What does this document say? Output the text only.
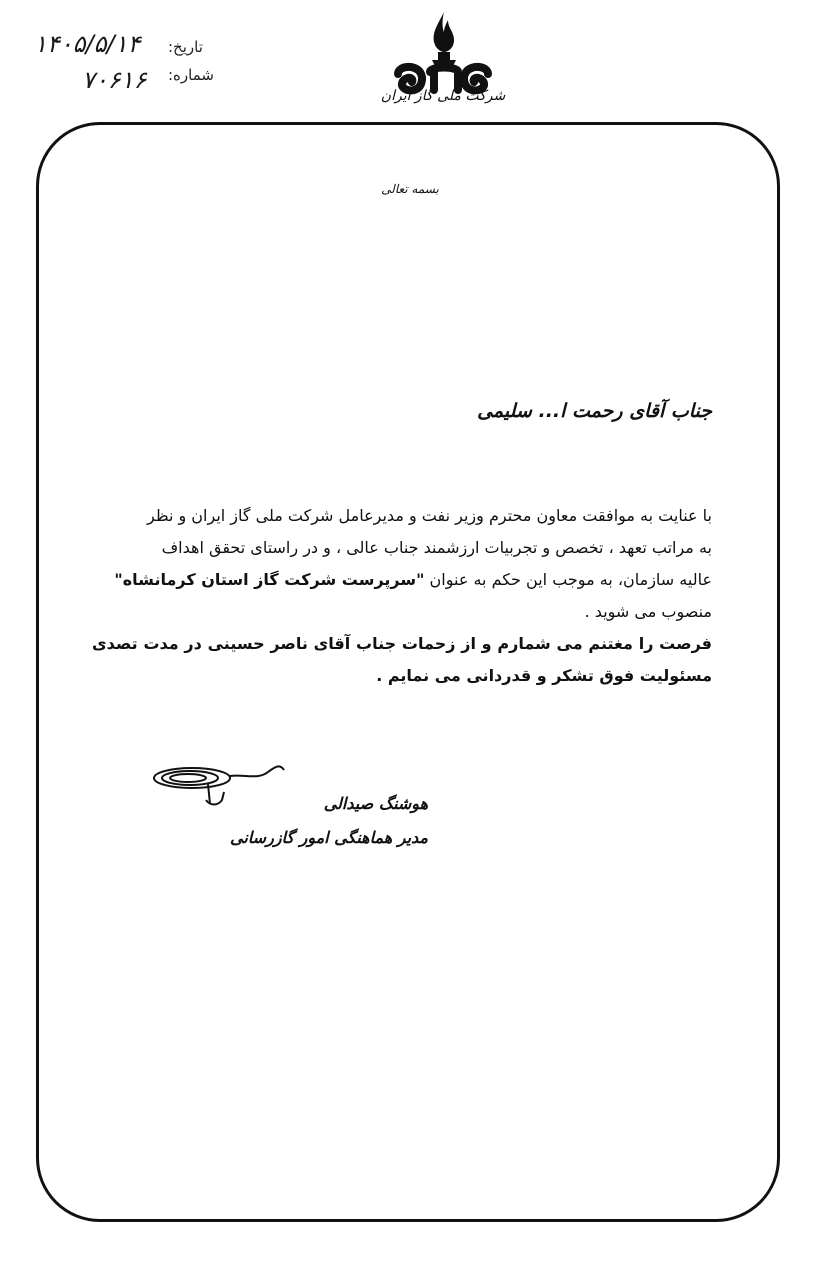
تاریخ:
۱۴۰۵/۵/۱۴
شماره:
۷۰۶۱۶
شرکت ملی گاز ایران
بسمه تعالی
جناب آقای رحمت ا... سلیمی
با عنایت به موافقت معاون محترم وزیر نفت و مدیرعامل شرکت ملی گاز ایران و نظر
به مراتب تعهد ، تخصص و تجربیات ارزشمند جناب عالی ، و در راستای تحقق اهداف
عالیه سازمان، به موجب این حکم به عنوان "سرپرست شرکت گاز استان کرمانشاه"
منصوب می شوید .
فرصت را مغتنم می شمارم و از زحمات جناب آقای ناصر حسینی در مدت تصدی مسئولیت فوق تشکر و قدردانی می نمایم .
هوشنگ صیدالی
مدیر هماهنگی امور گازرسانی
